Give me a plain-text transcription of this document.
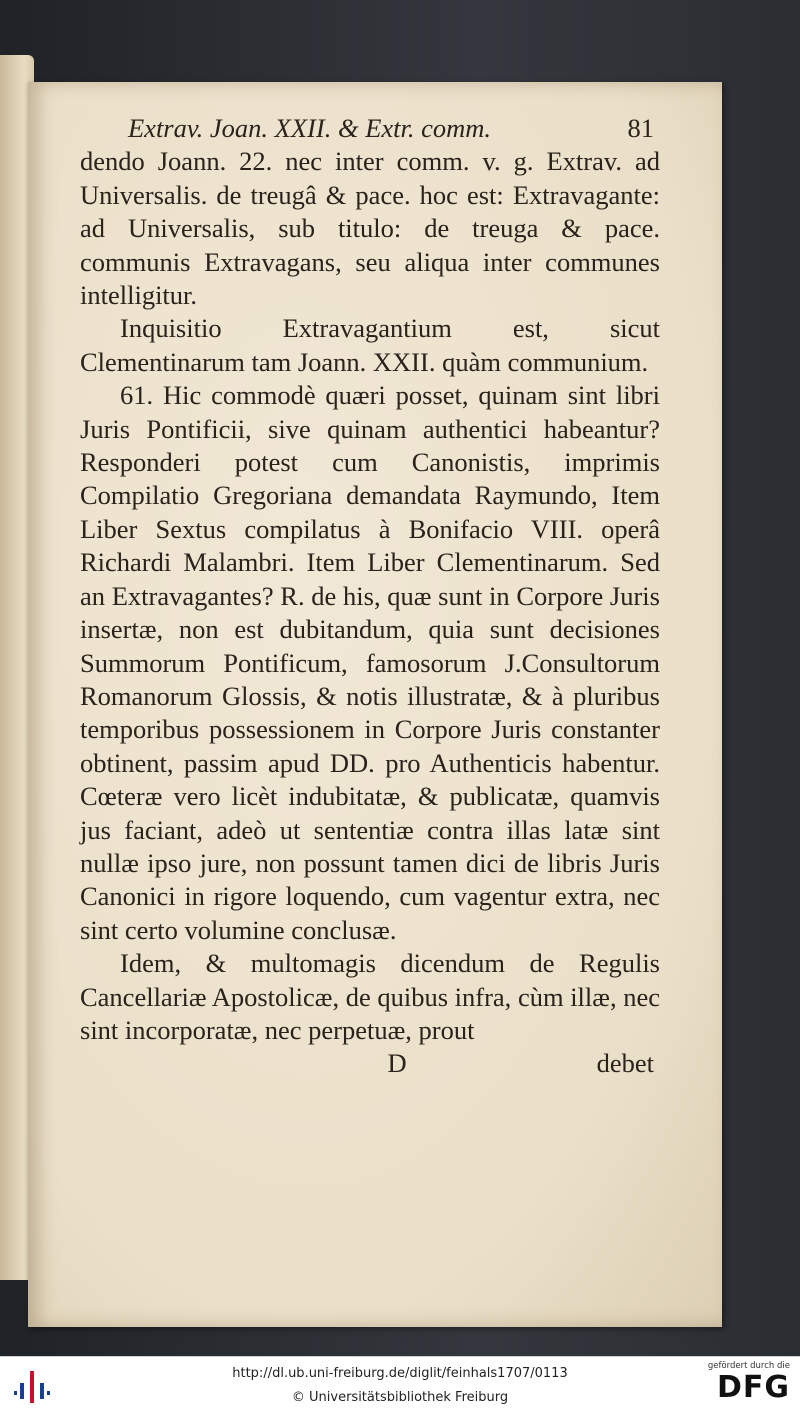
Extrav. Joan. XXII. & Extr. comm.	81

dendo Joann. 22. nec inter comm. v. g. Extrav. ad Universalis. de treugâ & pace. hoc est: Extravagante: ad Universalis, sub titulo: de treuga & pace. communis Extravagans, seu aliqua inter communes intelligitur.

Inquisitio Extravagantium est, sicut Clementinarum tam Joann. XXII. quàm communium.

61. Hic commodè quæri posset, quinam sint libri Juris Pontificii, sive quinam authentici habeantur? Responderi potest cum Canonistis, imprimis Compilatio Gregoriana demandata Raymundo, Item Liber Sextus compilatus à Bonifacio VIII. operâ Richardi Malambri. Item Liber Clementinarum. Sed an Extravagantes? R. de his, quæ sunt in Corpore Juris insertæ, non est dubitandum, quia sunt decisiones Summorum Pontificum, famosorum J.Consultorum Romanorum Glossis, & notis illustratæ, & à pluribus temporibus possessionem in Corpore Juris constanter obtinent, passim apud DD. pro Authenticis habentur. Cœteræ vero licèt indubitatæ, & publicatæ, quamvis jus faciant, adeò ut sententiæ contra illas latæ sint nullæ ipso jure, non possunt tamen dici de libris Juris Canonici in rigore loquendo, cum vagentur extra, nec sint certo volumine conclusæ.

Idem, & multomagis dicendum de Regulis Cancellariæ Apostolicæ, de quibus infra, cùm illæ, nec sint incorporatæ, nec perpetuæ, prout

D	debet
http://dl.ub.uni-freiburg.de/diglit/feinhals1707/0113
© Universitätsbibliothek Freiburg
gefördert durch die
DFG
